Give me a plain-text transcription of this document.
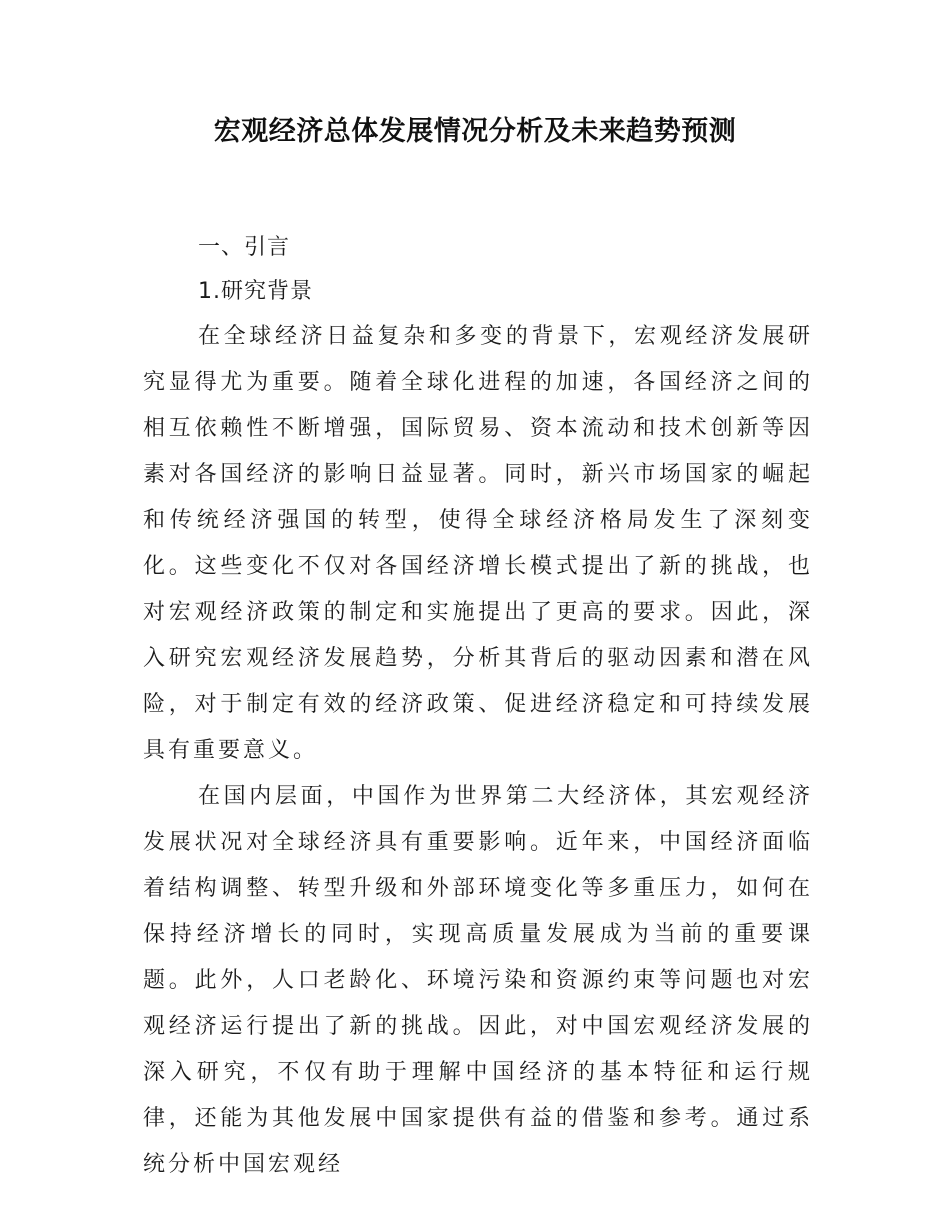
宏观经济总体发展情况分析及未来趋势预测

一、引言

1.研究背景

在全球经济日益复杂和多变的背景下，宏观经济发展研究显得尤为重要。随着全球化进程的加速，各国经济之间的相互依赖性不断增强，国际贸易、资本流动和技术创新等因素对各国经济的影响日益显著。同时，新兴市场国家的崛起和传统经济强国的转型，使得全球经济格局发生了深刻变化。这些变化不仅对各国经济增长模式提出了新的挑战，也对宏观经济政策的制定和实施提出了更高的要求。因此，深入研究宏观经济发展趋势，分析其背后的驱动因素和潜在风险，对于制定有效的经济政策、促进经济稳定和可持续发展具有重要意义。

在国内层面，中国作为世界第二大经济体，其宏观经济发展状况对全球经济具有重要影响。近年来，中国经济面临着结构调整、转型升级和外部环境变化等多重压力，如何在保持经济增长的同时，实现高质量发展成为当前的重要课题。此外，人口老龄化、环境污染和资源约束等问题也对宏观经济运行提出了新的挑战。因此，对中国宏观经济发展的深入研究，不仅有助于理解中国经济的基本特征和运行规律，还能为其他发展中国家提供有益的借鉴和参考。通过系统分析中国宏观经
